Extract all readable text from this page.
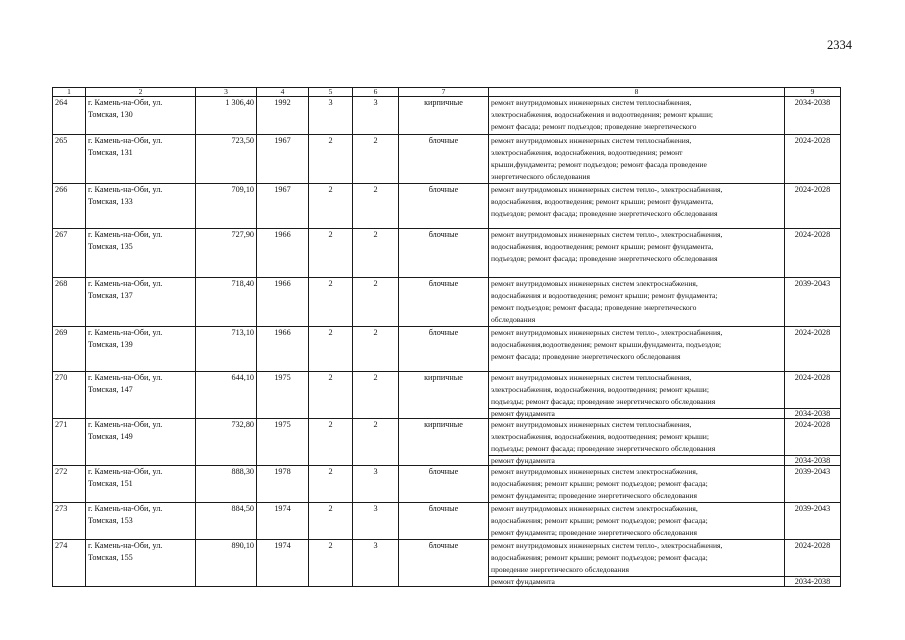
2334
1	2	3	4	5	6	7	8	9
264	г. Камень-на-Оби, ул.
Томская, 130	1 306,40	1992	3	3	кирпичные	ремонт внутридомовых инженерных систем теплоснабжения,
электроснабжения, водоснабжения и водоотведения; ремонт крыши;
ремонт фасада; ремонт подъездов; проведение энергетического	2034-2038
265	г. Камень-на-Оби, ул.
Томская, 131	723,50	1967	2	2	блочные	ремонт внутридомовых инженерных систем теплоснабжения,
электроснабжения, водоснабжения, водоотведения; ремонт
крыши,фундамента; ремонт подъездов; ремонт фасада проведение
энергетического обследования	2024-2028
266	г. Камень-на-Оби, ул.
Томская, 133	709,10	1967	2	2	блочные	ремонт внутридомовых инженерных систем тепло-, электроснабжения,
водоснабжения, водоотведения; ремонт крыши; ремонт фундамента,
подъездов; ремонт фасада; проведение энергетического обследования	2024-2028
267	г. Камень-на-Оби, ул.
Томская, 135	727,90	1966	2	2	блочные	ремонт внутридомовых инженерных систем тепло-, электроснабжения,
водоснабжения, водоотведения; ремонт крыши; ремонт фундамента,
подъездов; ремонт фасада; проведение энергетического обследования	2024-2028
268	г. Камень-на-Оби, ул.
Томская, 137	718,40	1966	2	2	блочные	ремонт внутридомовых инженерных систем электроснабжения,
водоснабжения и водоотведения; ремонт крыши; ремонт фундамента;
ремонт подъездов; ремонт фасада; проведение энергетического
обследования	2039-2043
269	г. Камень-на-Оби, ул.
Томская, 139	713,10	1966	2	2	блочные	ремонт внутридомовых инженерных систем тепло-, электроснабжения,
водоснабжения,водоотведения; ремонт крыши,фундамента, подъездов;
ремонт фасада; проведение энергетического обследования	2024-2028
270	г. Камень-на-Оби, ул.
Томская, 147	644,10	1975	2	2	кирпичные	ремонт внутридомовых инженерных систем теплоснабжения,
электроснабжения, водоснабжения, водоотведения; ремонт крыши;
подъезды; ремонт фасада; проведение энергетического обследования	2024-2028
							ремонт фундамента	2034-2038
271	г. Камень-на-Оби, ул.
Томская, 149	732,80	1975	2	2	кирпичные	ремонт внутридомовых инженерных систем теплоснабжения,
электроснабжения, водоснабжения, водоотведения; ремонт крыши;
подъезды; ремонт фасада; проведение энергетического обследования	2024-2028
							ремонт фундамента	2034-2038
272	г. Камень-на-Оби, ул.
Томская, 151	888,30	1978	2	3	блочные	ремонт внутридомовых инженерных систем электроснабжения,
водоснабжения; ремонт крыши; ремонт подъездов; ремонт фасада;
ремонт фундамента; проведение энергетического обследования	2039-2043
273	г. Камень-на-Оби, ул.
Томская, 153	884,50	1974	2	3	блочные	ремонт внутридомовых инженерных систем электроснабжения,
водоснабжения; ремонт крыши; ремонт подъездов; ремонт фасада;
ремонт фундамента; проведение энергетического обследования	2039-2043
274	г. Камень-на-Оби, ул.
Томская, 155	890,10	1974	2	3	блочные	ремонт внутридомовых инженерных систем тепло-, электроснабжения,
водоснабжения; ремонт крыши; ремонт подъездов; ремонт фасада;
проведение энергетического обследования	2024-2028
							ремонт фундамента	2034-2038
